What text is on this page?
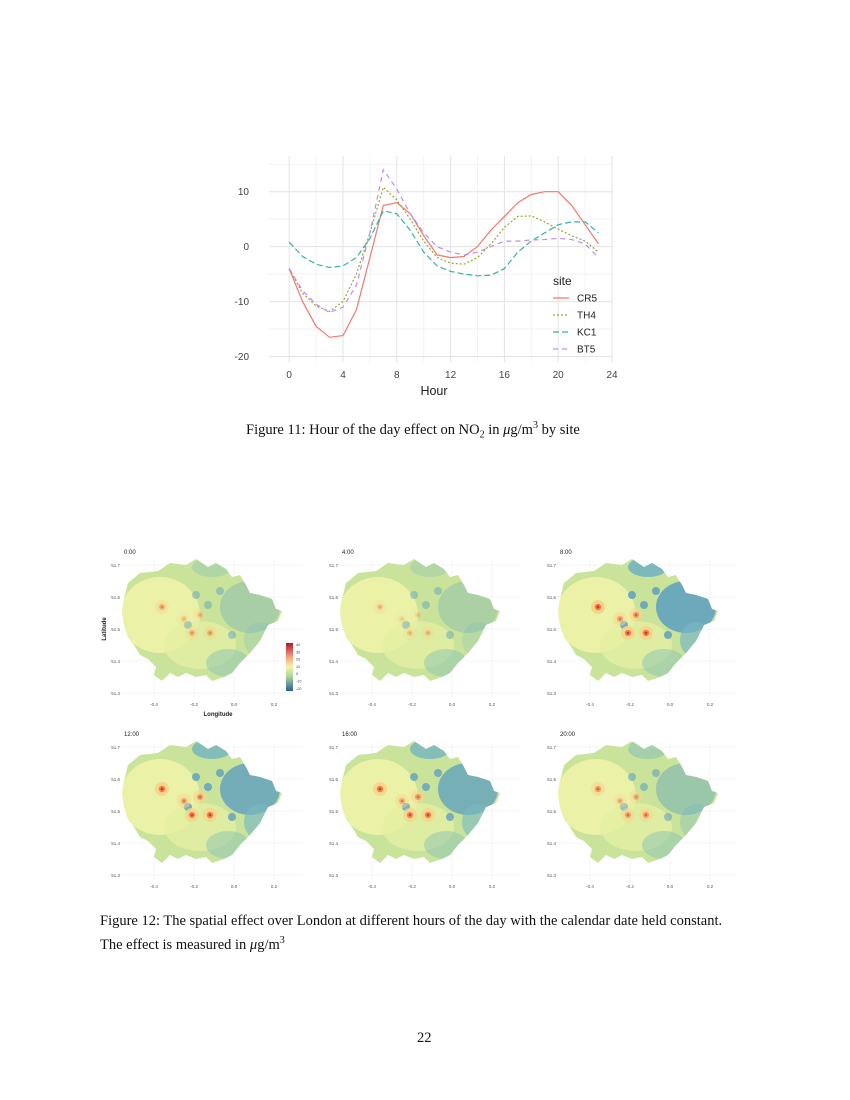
10
0
-10
-20
0	4	8	12	16	20	24
Hour
site
CR5
TH4
KC1
BT5
Figure 11: Hour of the day effect on $NO_2$ in $\mu g/m^3$ by site
0:00
51.7
51.6
51.5
51.4
51.3
-0.4	-0.2	0.0	0.2
Latitude
Longitude
40
30
20
10
0
-10
-20
4:00
51.7
51.6
51.5
51.4
51.3
-0.4	-0.2	0.0	0.2
8:00
51.7
51.6
51.5
51.4
51.3
-0.4	-0.2	0.0	0.2
12:00
51.7
51.6
51.5
51.4
51.3
-0.4	-0.2	0.0	0.2
16:00
51.7
51.6
51.5
51.4
51.3
-0.4	-0.2	0.0	0.2
20:00
51.7
51.6
51.5
51.4
51.3
-0.4	-0.2	0.0	0.2
Figure 12: The spatial effect over London at different hours of the day with the calendar date held constant.
The effect is measured in $\mu g/m^3$
22
